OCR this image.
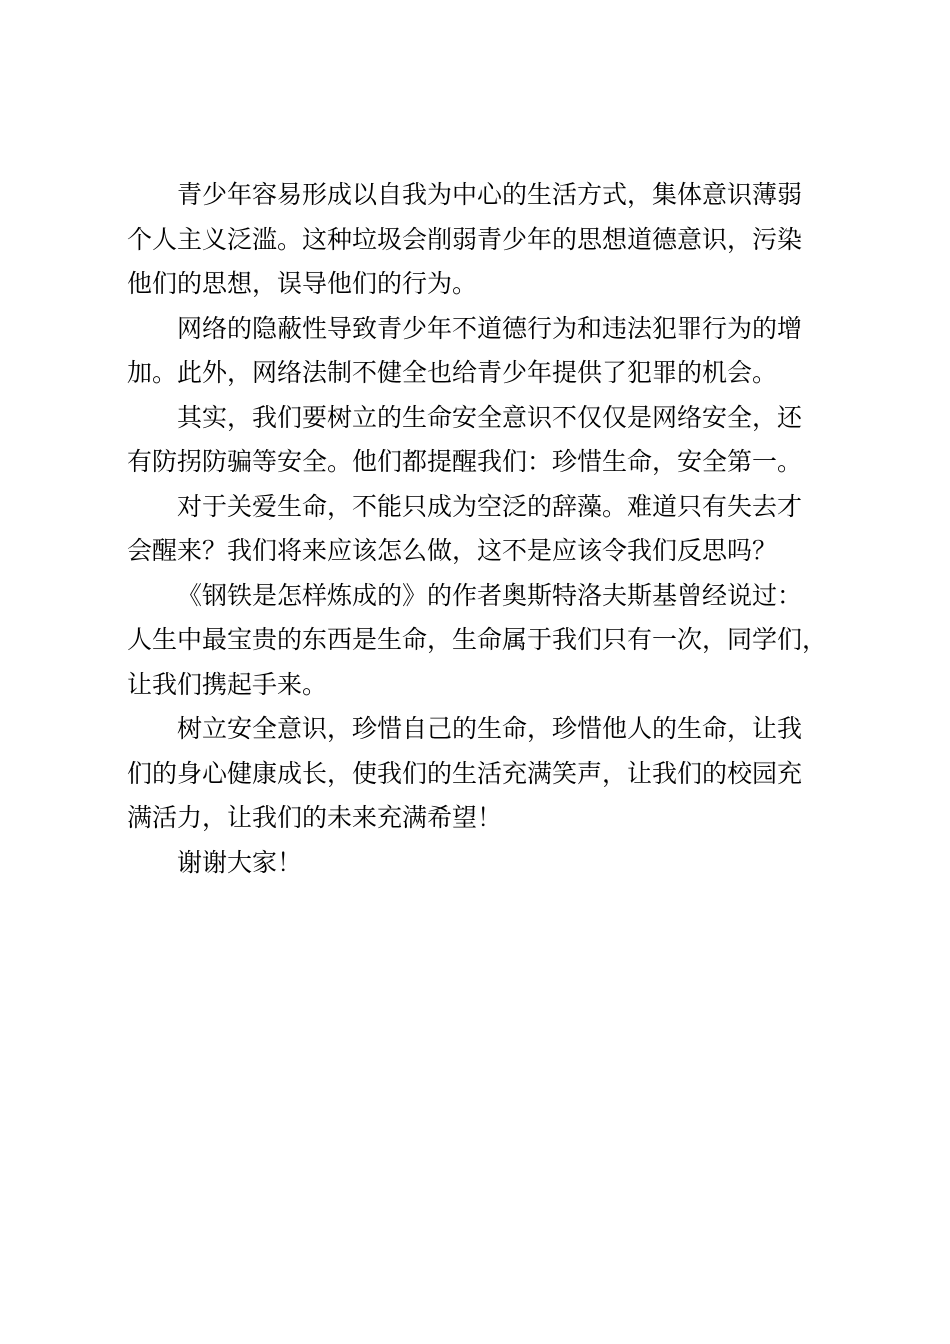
青少年容易形成以自我为中心的生活方式，集体意识薄弱
个人主义泛滥。这种垃圾会削弱青少年的思想道德意识，污染
他们的思想，误导他们的行为。

网络的隐蔽性导致青少年不道德行为和违法犯罪行为的增
加。此外，网络法制不健全也给青少年提供了犯罪的机会。

其实，我们要树立的生命安全意识不仅仅是网络安全，还
有防拐防骗等安全。他们都提醒我们：珍惜生命，安全第一。

对于关爱生命，不能只成为空泛的辞藻。难道只有失去才
会醒来？我们将来应该怎么做，这不是应该令我们反思吗？

《钢铁是怎样炼成的》的作者奥斯特洛夫斯基曾经说过：
人生中最宝贵的东西是生命，生命属于我们只有一次，同学们，
让我们携起手来。

树立安全意识，珍惜自己的生命，珍惜他人的生命，让我
们的身心健康成长，使我们的生活充满笑声，让我们的校园充
满活力，让我们的未来充满希望！

谢谢大家！
